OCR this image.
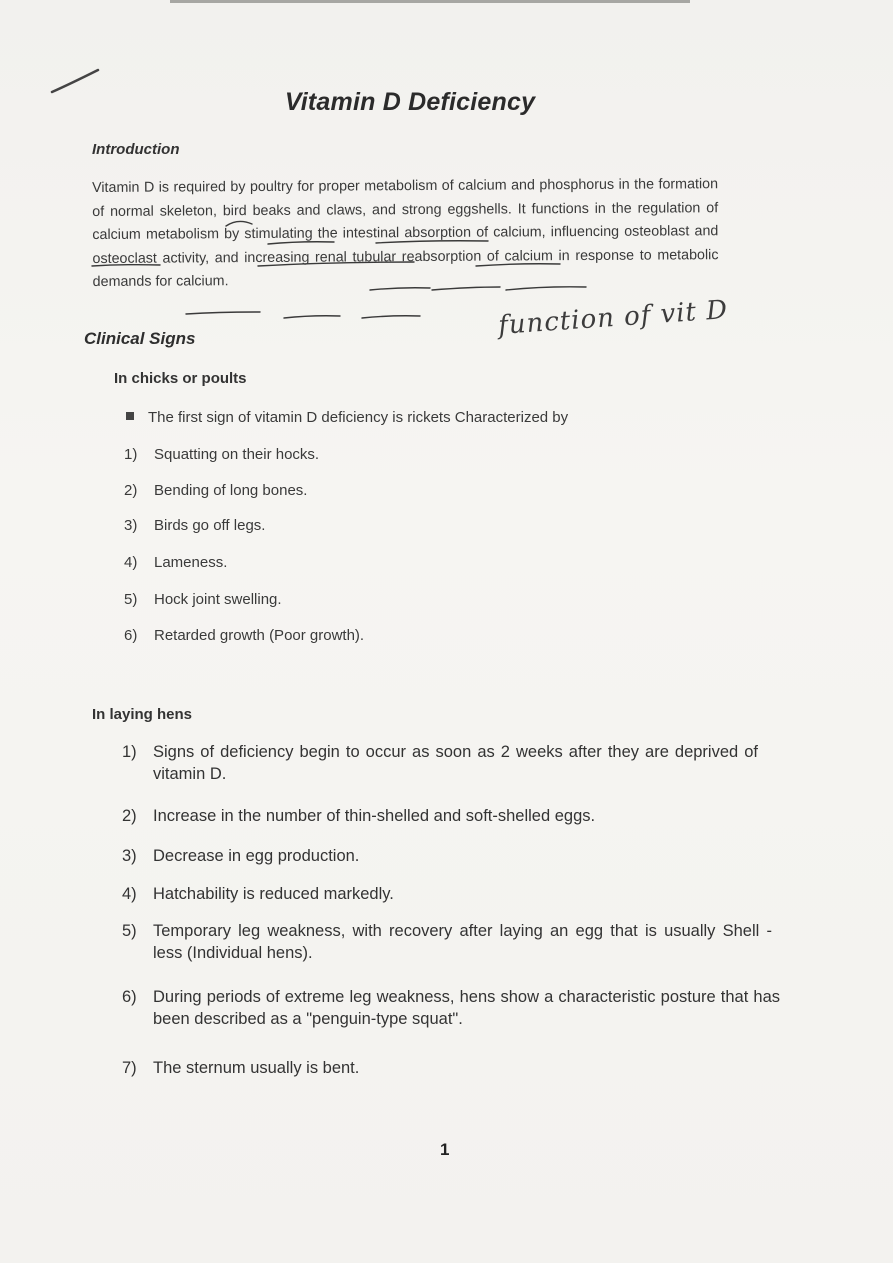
Vitamin D Deficiency
Introduction
Vitamin D is required by poultry for proper metabolism of calcium and phosphorus in the formation of normal skeleton, bird beaks and claws, and strong eggshells. It functions in the regulation of calcium metabolism by stimulating the intestinal absorption of calcium, influencing osteoblast and osteoclast activity, and increasing renal tubular reabsorption of calcium in response to metabolic demands for calcium.
function of vit D
Clinical Signs
In chicks or poults
The first sign of vitamin D deficiency is rickets Characterized by
1) Squatting on their hocks.
2) Bending of long bones.
3) Birds go off legs.
4) Lameness.
5) Hock joint swelling.
6) Retarded growth (Poor growth).
In laying hens
1) Signs of deficiency begin to occur as soon as 2 weeks after they are deprived of vitamin D.
2) Increase in the number of thin-shelled and soft-shelled eggs.
3) Decrease in egg production.
4) Hatchability is reduced markedly.
5) Temporary leg weakness, with recovery after laying an egg that is usually Shell - less (Individual hens).
6) During periods of extreme leg weakness, hens show a characteristic posture that has been described as a "penguin-type squat".
7) The sternum usually is bent.
1
